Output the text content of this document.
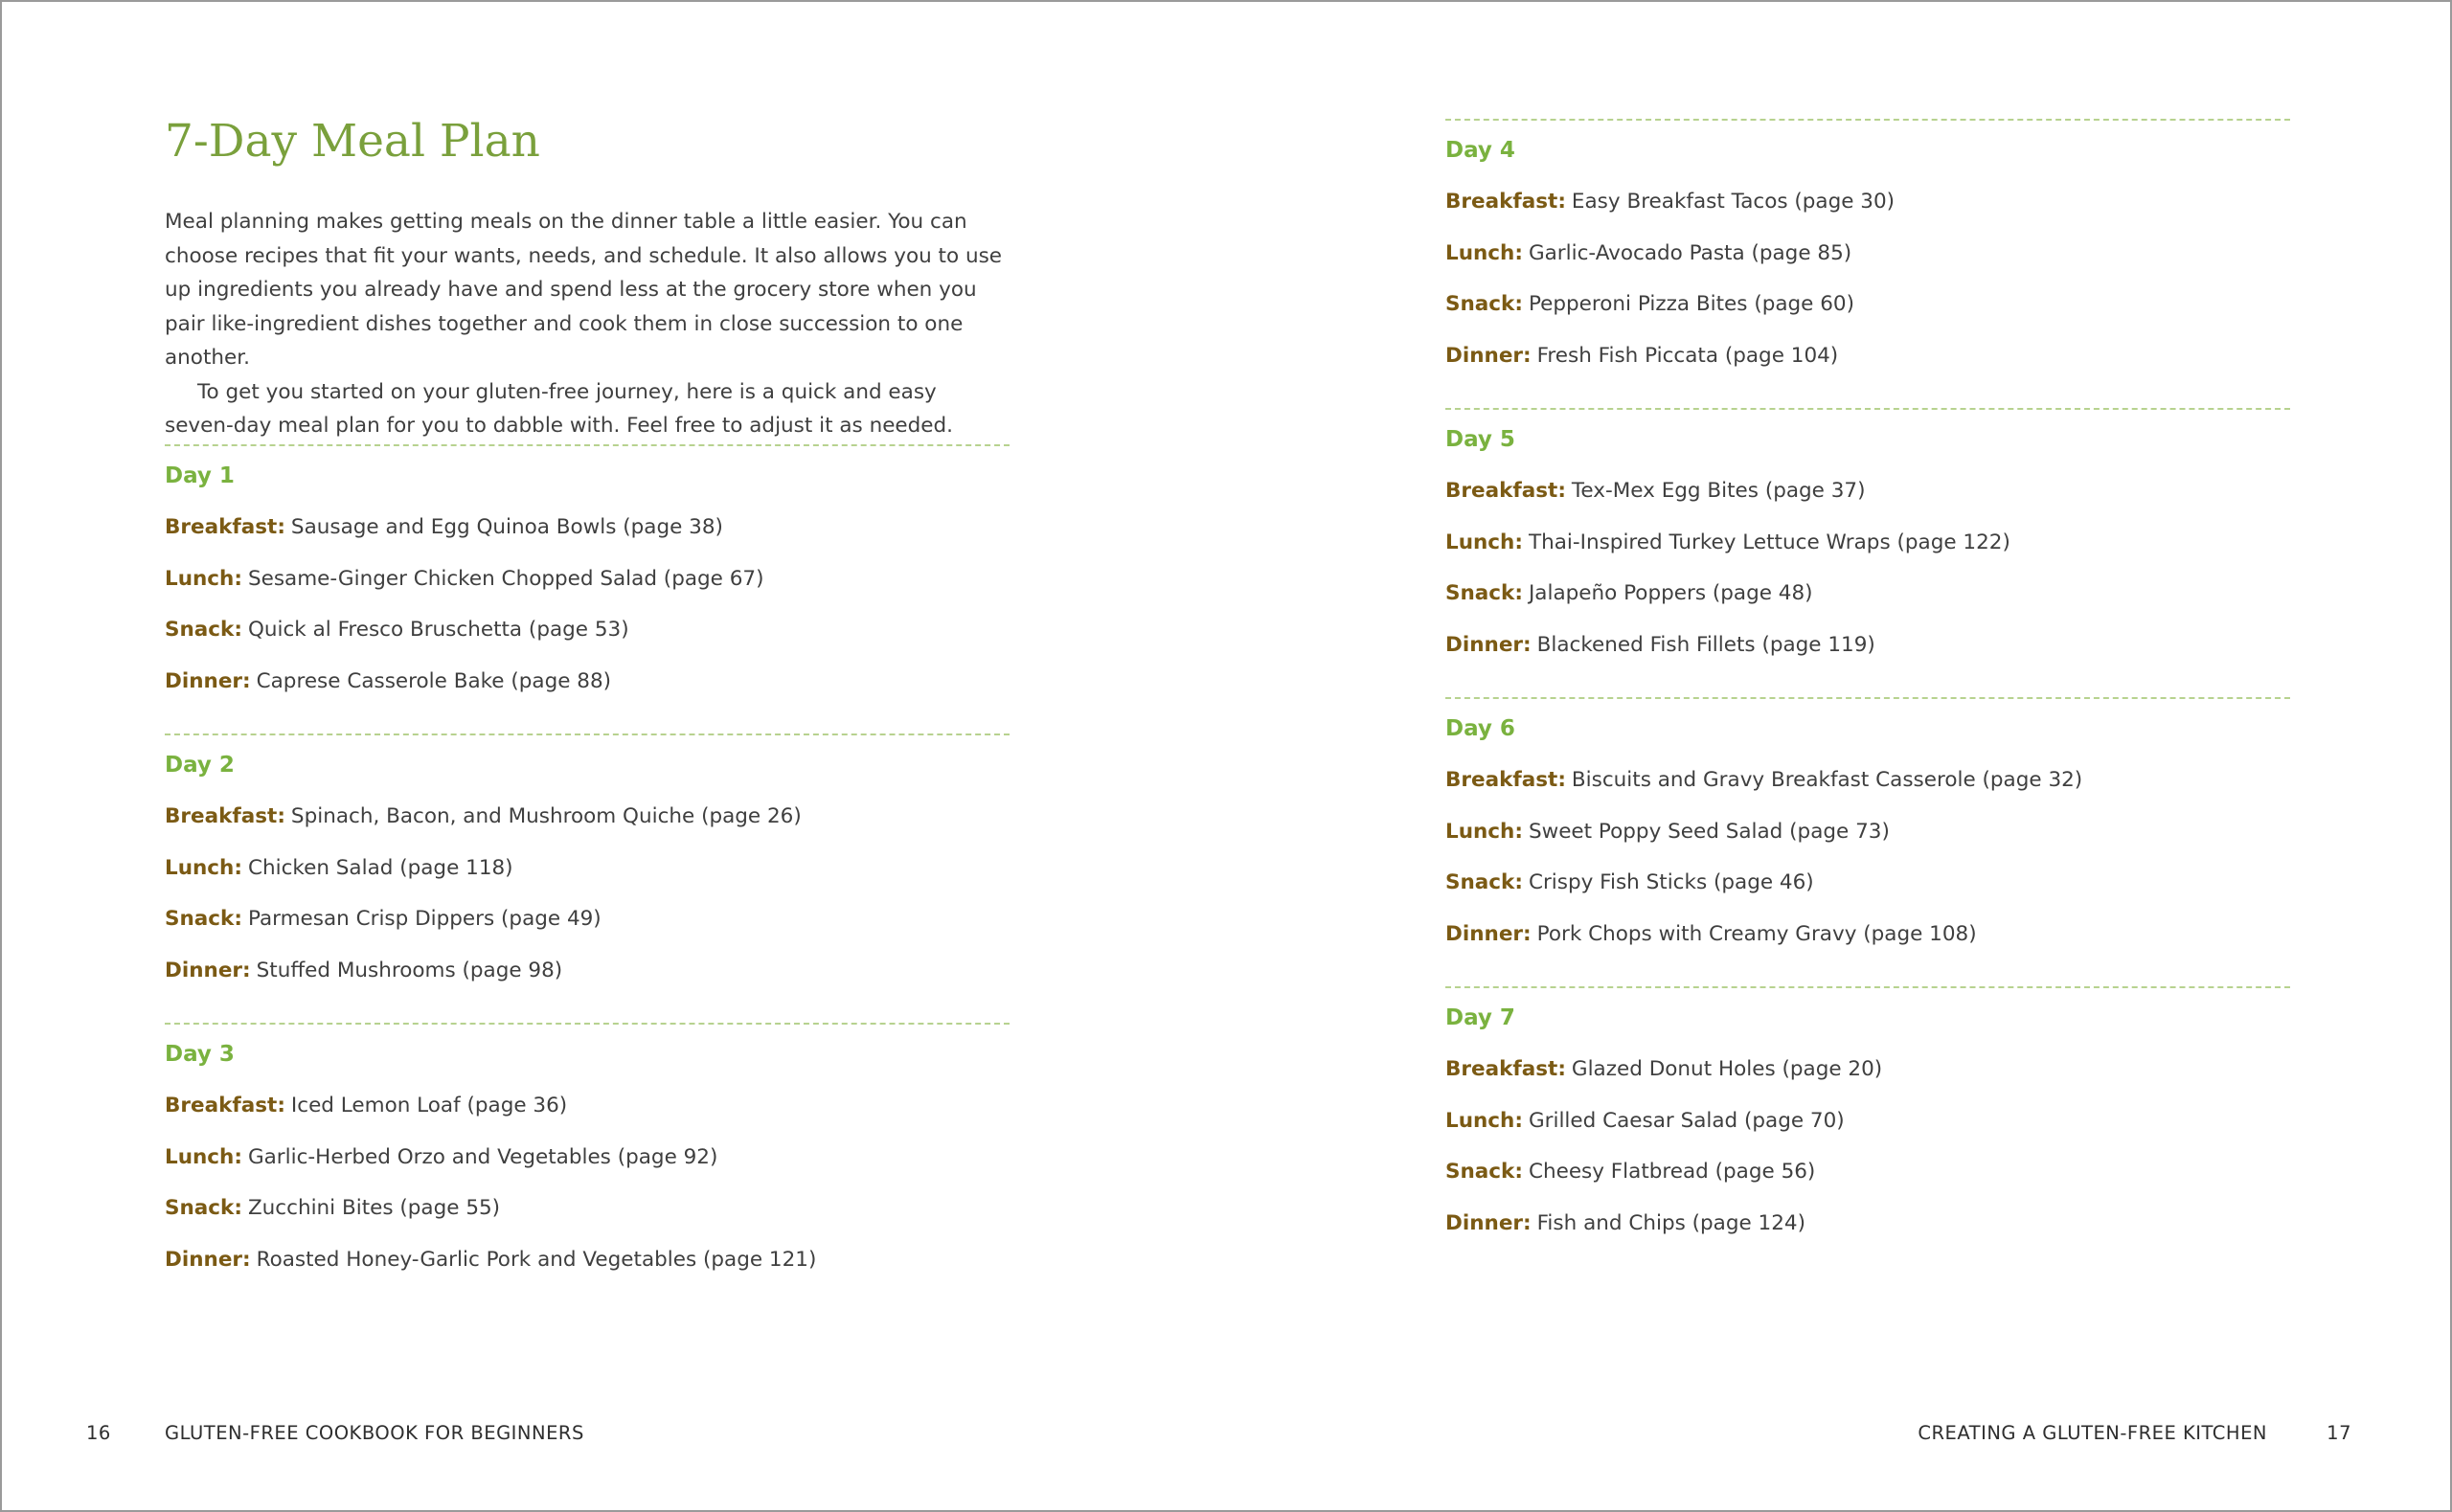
7-Day Meal Plan

Meal planning makes getting meals on the dinner table a little easier. You can choose recipes that fit your wants, needs, and schedule. It also allows you to use up ingredients you already have and spend less at the grocery store when you pair like-ingredient dishes together and cook them in close succession to one another.

To get you started on your gluten-free journey, here is a quick and easy seven-day meal plan for you to dabble with. Feel free to adjust it as needed.

Day 1
Breakfast: Sausage and Egg Quinoa Bowls (page 38)
Lunch: Sesame-Ginger Chicken Chopped Salad (page 67)
Snack: Quick al Fresco Bruschetta (page 53)
Dinner: Caprese Casserole Bake (page 88)
Day 2
Breakfast: Spinach, Bacon, and Mushroom Quiche (page 26)
Lunch: Chicken Salad (page 118)
Snack: Parmesan Crisp Dippers (page 49)
Dinner: Stuffed Mushrooms (page 98)
Day 3
Breakfast: Iced Lemon Loaf (page 36)
Lunch: Garlic-Herbed Orzo and Vegetables (page 92)
Snack: Zucchini Bites (page 55)
Dinner: Roasted Honey-Garlic Pork and Vegetables (page 121)
16	GLUTEN-FREE COOKBOOK FOR BEGINNERS
Day 4
Breakfast: Easy Breakfast Tacos (page 30)
Lunch: Garlic-Avocado Pasta (page 85)
Snack: Pepperoni Pizza Bites (page 60)
Dinner: Fresh Fish Piccata (page 104)
Day 5
Breakfast: Tex-Mex Egg Bites (page 37)
Lunch: Thai-Inspired Turkey Lettuce Wraps (page 122)
Snack: Jalapeño Poppers (page 48)
Dinner: Blackened Fish Fillets (page 119)
Day 6
Breakfast: Biscuits and Gravy Breakfast Casserole (page 32)
Lunch: Sweet Poppy Seed Salad (page 73)
Snack: Crispy Fish Sticks (page 46)
Dinner: Pork Chops with Creamy Gravy (page 108)
Day 7
Breakfast: Glazed Donut Holes (page 20)
Lunch: Grilled Caesar Salad (page 70)
Snack: Cheesy Flatbread (page 56)
Dinner: Fish and Chips (page 124)
CREATING A GLUTEN-FREE KITCHEN	17
